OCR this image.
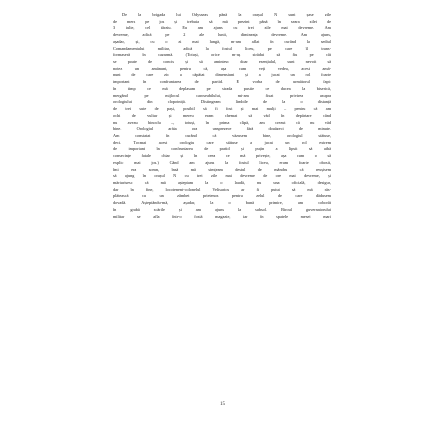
De la brigada lui Odysseas până la orașul N sunt șase zile
de mers pe jos și trebuia să mă prezint până în seara zilei de
3 iulie, cel târziu. Eu am ajuns cu trei zile mai devreme. Am
devreme, adică pe 2 ale lunii, dimineața devreme. Am ajuns,
așadar, și, cu o zi mai lungă, m-am aflat în curând la sediul
Comandamentului militar, adică la fostul liceu, pe care îl trans-
formaseră în cazarmă. (Totuși, orice m-aș strădui să fiu pe cât
se poate de concis și să amintesc doar esențialul, sunt nevoit să
notez un amănunt, pentru că, așa cum veți vedea, acest amă-
nunt de care zic a căpătat dimensiuni și a jucat un rol foarte
important în confruntarea de partid. E vorba de următorul fapt:
în timp ce mă deplasam pe strada pustie ce ducea la biserică,
mergând pe mijlocul caroseabilului, mi-am fixat privirea asupra
orologiului din clopotniță. Distingeam limbile de la o distanță
de trei sute de pași, posibil să fi fost și mai mulți – pentru că am
ochi de vultur și mereu eram chemat să văd în depărtare când
nu aveau binoclu –, totuși, în prima clipă, am crezut că nu văd
bine. Orologiul arăta ora unsprezece fără douăzeci de minute.
Am constatat în curând că văzusem bine, orologiul stătuse,
deci. Tocmai acest orologiu care stătuse a jucat un rol extrem
de important în confruntarea de partid și puțin a lipsit să aibă
consecințe fatale chiar și în ceea ce mă privește, așa cum o să
explic mai jos.) Când am ajuns la fostul liceu, eram foarte obosit,
îmi era somn, însă mă simțeam destul de mândru că reușisem
să ajung în orașul N cu trei zile mai devreme de ore mai devreme, și
mărturisesc că mă așteptam la o laudă, nu una oficială, desigur,
dar în fine, locotenent-colonelul Velisarios ar fi putut să mă răs-
plătească cu un zâmbet prietenos pentru zelul de care dădusem
dovadă. Așteptându-mă, așadar, la o bună primire, am coborât
în grabă scările și am ajuns la subsol. Biroul guvernatorului
militar se afla într-o fostă magazie, iar în spatele mesei mari
15
